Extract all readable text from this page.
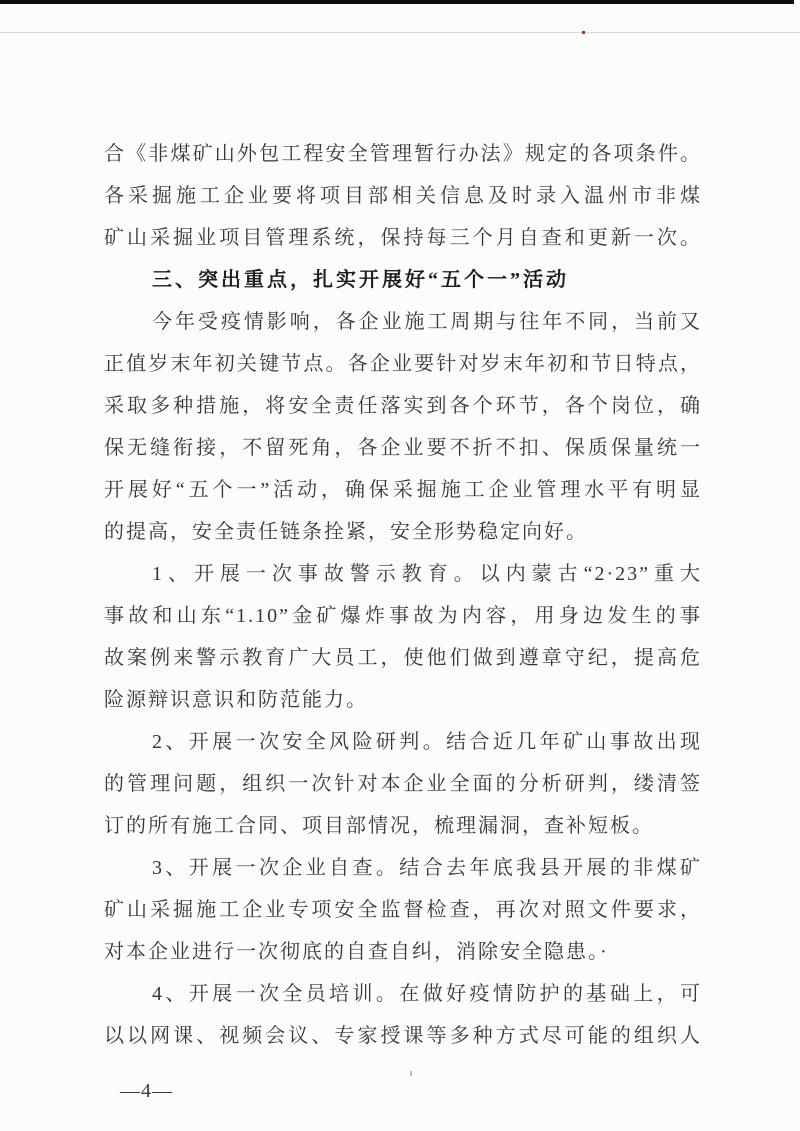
合《非煤矿山外包工程安全管理暂行办法》规定的各项条件。
各采掘施工企业要将项目部相关信息及时录入温州市非煤
矿山采掘业项目管理系统，保持每三个月自查和更新一次。
三、突出重点，扎实开展好“五个一”活动
今年受疫情影响，各企业施工周期与往年不同，当前又
正值岁末年初关键节点。各企业要针对岁末年初和节日特点，
采取多种措施，将安全责任落实到各个环节，各个岗位，确
保无缝衔接，不留死角，各企业要不折不扣、保质保量统一
开展好“五个一”活动，确保采掘施工企业管理水平有明显
的提高，安全责任链条拴紧，安全形势稳定向好。
1、开展一次事故警示教育。以内蒙古“2·23”重大
事故和山东“1.10”金矿爆炸事故为内容，用身边发生的事
故案例来警示教育广大员工，使他们做到遵章守纪，提高危
险源辩识意识和防范能力。
2、开展一次安全风险研判。结合近几年矿山事故出现
的管理问题，组织一次针对本企业全面的分析研判，缕清签
订的所有施工合同、项目部情况，梳理漏洞，查补短板。
3、开展一次企业自查。结合去年底我县开展的非煤矿
矿山采掘施工企业专项安全监督检查，再次对照文件要求，
对本企业进行一次彻底的自查自纠，消除安全隐患。·
4、开展一次全员培训。在做好疫情防护的基础上，可
以以网课、视频会议、专家授课等多种方式尽可能的组织人
—4—
